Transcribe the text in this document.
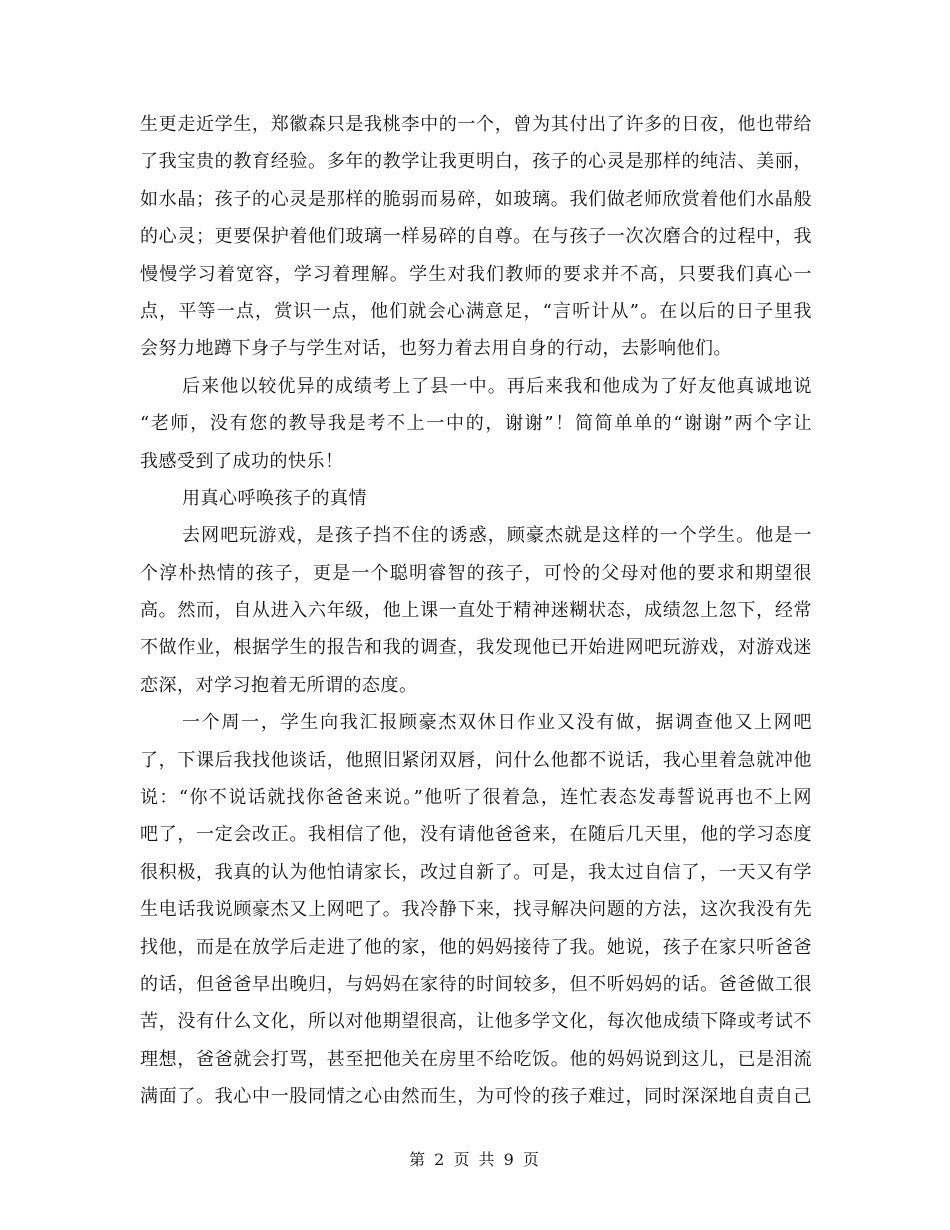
生更走近学生，郑徽森只是我桃李中的一个，曾为其付出了许多的日夜，他也带给
了我宝贵的教育经验。多年的教学让我更明白，孩子的心灵是那样的纯洁、美丽，
如水晶；孩子的心灵是那样的脆弱而易碎，如玻璃。我们做老师欣赏着他们水晶般
的心灵；更要保护着他们玻璃一样易碎的自尊。在与孩子一次次磨合的过程中，我
慢慢学习着宽容，学习着理解。学生对我们教师的要求并不高，只要我们真心一
点，平等一点，赏识一点，他们就会心满意足，“言听计从”。在以后的日子里我
会努力地蹲下身子与学生对话，也努力着去用自身的行动，去影响他们。
后来他以较优异的成绩考上了县一中。再后来我和他成为了好友他真诚地说
“老师，没有您的教导我是考不上一中的，谢谢”！简简单单的“谢谢”两个字让
我感受到了成功的快乐！
用真心呼唤孩子的真情
去网吧玩游戏，是孩子挡不住的诱惑，顾豪杰就是这样的一个学生。他是一
个淳朴热情的孩子，更是一个聪明睿智的孩子，可怜的父母对他的要求和期望很
高。然而，自从进入六年级，他上课一直处于精神迷糊状态，成绩忽上忽下，经常
不做作业，根据学生的报告和我的调查，我发现他已开始进网吧玩游戏，对游戏迷
恋深，对学习抱着无所谓的态度。
一个周一，学生向我汇报顾豪杰双休日作业又没有做，据调查他又上网吧
了，下课后我找他谈话，他照旧紧闭双唇，问什么他都不说话，我心里着急就冲他
说：“你不说话就找你爸爸来说。”他听了很着急，连忙表态发毒誓说再也不上网
吧了，一定会改正。我相信了他，没有请他爸爸来，在随后几天里，他的学习态度
很积极，我真的认为他怕请家长，改过自新了。可是，我太过自信了，一天又有学
生电话我说顾豪杰又上网吧了。我冷静下来，找寻解决问题的方法，这次我没有先
找他，而是在放学后走进了他的家，他的妈妈接待了我。她说，孩子在家只听爸爸
的话，但爸爸早出晚归，与妈妈在家待的时间较多，但不听妈妈的话。爸爸做工很
苦，没有什么文化，所以对他期望很高，让他多学文化，每次他成绩下降或考试不
理想，爸爸就会打骂，甚至把他关在房里不给吃饭。他的妈妈说到这儿，已是泪流
满面了。我心中一股同情之心由然而生，为可怜的孩子难过，同时深深地自责自己
第 2 页 共 9 页
